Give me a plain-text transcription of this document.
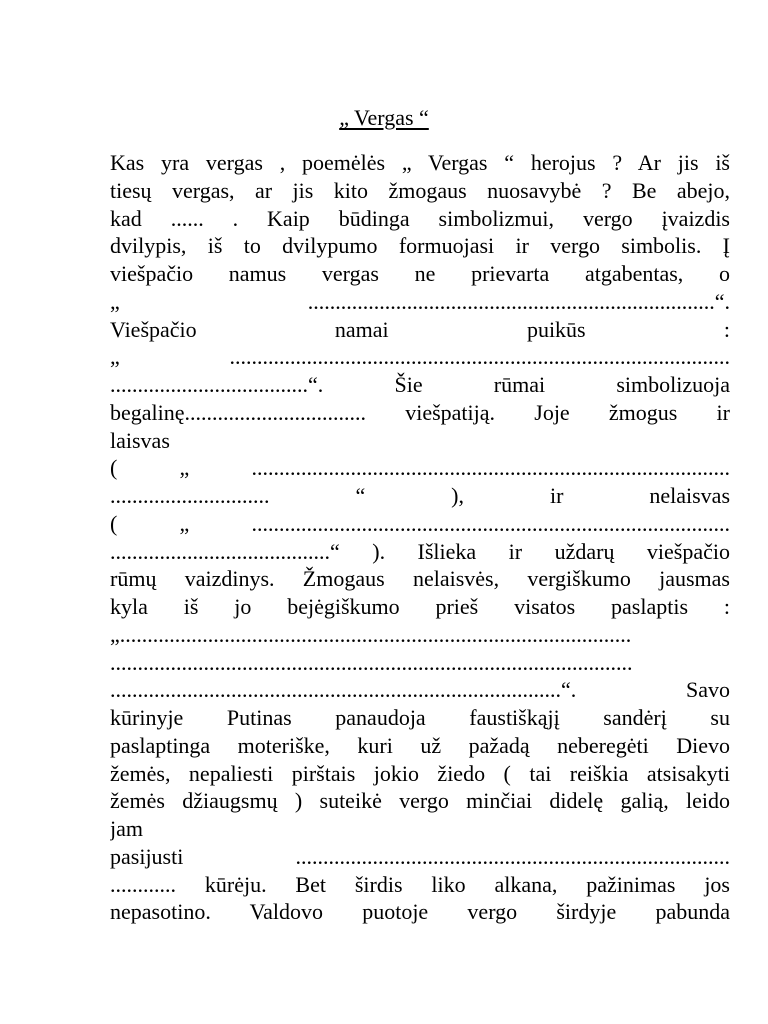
„ Vergas “
Kas yra vergas , poemėlės „ Vergas “ herojus ? Ar jis iš
tiesų vergas, ar jis kito žmogaus nuosavybė ? Be abejo,
kad ...... . Kaip būdinga simbolizmui, vergo įvaizdis
dvilypis, iš to dvilypumo formuojasi ir vergo simbolis. Į
viešpačio namus vergas ne prievarta atgabentas, o
„ ..........................................................................“.
Viešpačio namai puikūs :
„ ...........................................................................................
....................................“. Šie rūmai simbolizuoja
begalinę................................. viešpatiją. Joje žmogus ir
laisvas
( „ .......................................................................................
............................. “ ), ir nelaisvas
( „ .......................................................................................
........................................“ ). Išlieka ir uždarų viešpačio
rūmų vaizdinys. Žmogaus nelaisvės, vergiškumo jausmas
kyla iš jo bejėgiškumo prieš visatos paslaptis :
„.............................................................................................
...............................................................................................
..................................................................................“. Savo
kūrinyje Putinas panaudoja faustiškąjį sandėrį su
paslaptinga moteriške, kuri už pažadą neberegėti Dievo
žemės, nepaliesti pirštais jokio žiedo ( tai reiškia atsisakyti
žemės džiaugsmų ) suteikė vergo minčiai didelę galią, leido
jam
pasijusti ...............................................................................
............ kūrėju. Bet širdis liko alkana, pažinimas jos
nepasotino. Valdovo puotoje vergo širdyje pabunda
